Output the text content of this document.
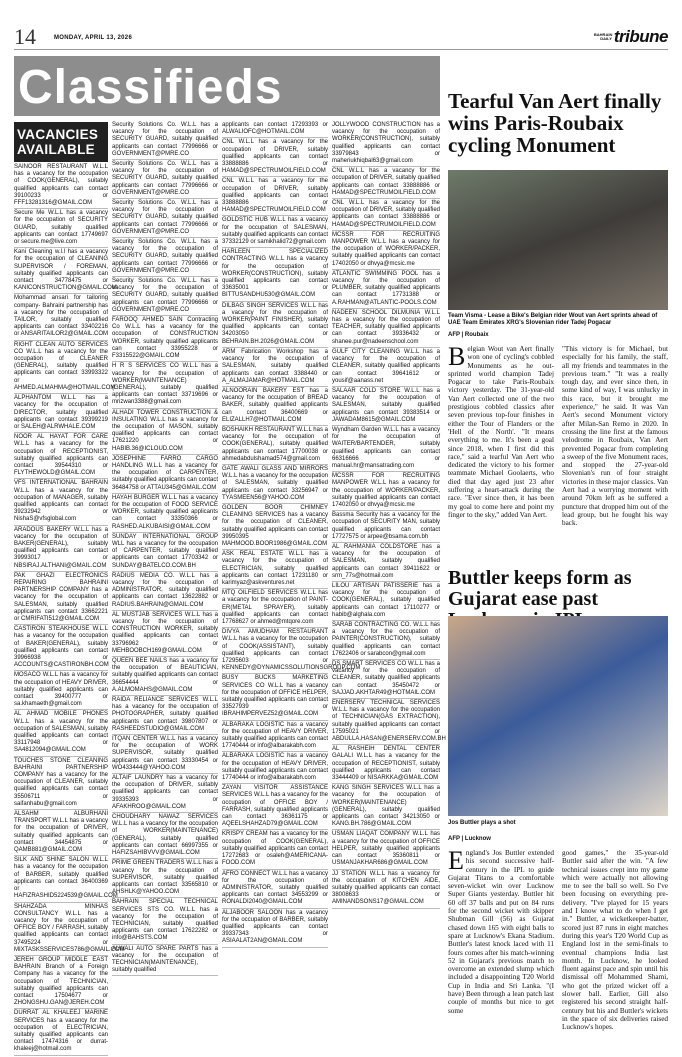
14	MONDAY, APRIL 13, 2026
BAHRAIN DAILY tribune
Classifieds
VACANCIES AVAILABLE

SAINOOR RESTAURANT W.L.L has a vacancy for the occupation of COOK(GENERAL), suitably qualified applicants can contact 39100233 or FFF13281316@GMAIL.COM

Secure Me W.L.L has a vacancy for the occupation of SECURITY GUARD, suitably qualified applicants can contact 17749697 or secure.me@live.com

Kani Cleaning w.l.l has a vacancy for the occupation of CLEANING SUPERVISOR / FOREMAN, suitably qualified applicants can contact 34778475 or KANICONSTRUCTION@GMAIL.COM

Mohammad ansari for tailoring company- Bahraini partnership has a vacancy for the occupation of TAILOR, suitably qualified applicants can contact 33402216 or ANSARITAILOR2@GMAIL.COM

RIGHT CLEAN AUTO SERVICES CO W.L.L has a vacancy for the occupation of CLEANER (GENERAL), suitably qualified applicants can contact 33993322 or AHMED.ALMAHMA@HOTMAIL.COM

ALPHANTOM W.L.L has a vacancy for the occupation of DIRECTOR, suitably qualified applicants can contact 39399219 or SALEH@ALRWHALE.COM

NOOR AL HAYAT FOR CARE W.L.L has a vacancy for the occupation of RECEPTIONIST, suitably qualified applicants can contact 39544310 or FLYTHEWOLD@GMAIL.COM

VFS INTERNATIONAL BAHRAIN W.L.L has a vacancy for the occupation of MANAGER, suitably qualified applicants can contact 39232942 or NishaS@vfsglobal.com

ARADOUS BAKERY W.L.L has a vacancy for the occupation of BAKER(GENERAL), suitably qualified applicants can contact 39993017 or NBSIRAJ.ALTHANI@GMAIL.COM

PAK GHAZI ELECTRONICS REPAIRING BAHRAINI PARTNERSHIP COMPANY has a vacancy for the occupation of SALESMAN, suitably qualified applicants can contact 33662221 or CMRIFATI512@GMAIL.COM

CASTIRON STEAKHOUSE W.L.L has a vacancy for the occupation of BAKER(GENERAL), suitably qualified applicants can contact 39966938 or ACCOUNTS@CASTIRONBH.COM

MOSACO W.L.L has a vacancy for the occupation of HEAVY DRIVER, suitably qualified applicants can contact 39400777 or sa.khamaeth@gmail.com

AL AHMAD MOBILE PHONES W.L.L has a vacancy for the occupation of SALESMAN, suitably qualified applicants can contact 33117948 or SA4812094@GMAIL.COM

TOUCHES STONE CLEANING BAHRAINI PARTNERSHIP COMPANY has a vacancy for the occupation of CLEANER, suitably qualified applicants can contact 35506711 or saifanhabu@gmail.com

ALSAHM ALBURHANI TRANSPORT W.L.L has a vacancy for the occupation of DRIVER, suitably qualified applicants can contact 34454875 or QAMB881@GMAIL.COM

SILK AND SHINE SALON W.L.L has a vacancy for the occupation of BARBER, suitably qualified applicants can contact 36400369 or HAFIZRASHID5224539@GMAIL.COM

SHAHZADA MINHAS CONSULTANCY W.L.L has a vacancy for the occupation of OFFICE BOY / FARRASH, suitably qualified applicants can contact 37495224 or MIXTASKSSERVICES786@GMAIL.COM

JEREH GROUP MIDDLE EAST BAHRAIN Branch of a Foreign Company has a vacancy for the occupation of TECHNICIAN, suitably qualified applicants can contact 17504677 or ZHONGSHU.GAN@JEREH.COM

DURRAT AL KHALEEJ MARINE SERVICES has a vacancy for the occupation of ELECTRICIAN, suitably qualified applicants can contact 17474316 or durrat-khaleej@hotmail.com

Security Solutions Co. W.L.L has a vacancy for the occupation of SECURITY GUARD, suitably qualified applicants can contact 77996666 or GOVERNMENT@PMRE.CO

Security Solutions Co. W.L.L has a vacancy for the occupation of SECURITY GUARD, suitably qualified applicants can contact 77996666 or GOVERNMENT@PMRE.CO

Security Solutions Co. W.L.L has a vacancy for the occupation of SECURITY GUARD, suitably qualified applicants can contact 77996666 or GOVERNMENT@PMRE.CO

Security Solutions Co. W.L.L has a vacancy for the occupation of SECURITY GUARD, suitably qualified applicants can contact 77996666 or GOVERNMENT@PMRE.CO

Security Solutions Co. W.L.L has a vacancy for the occupation of SECURITY GUARD, suitably qualified applicants can contact 77996666 or GOVERNMENT@PMRE.CO

FAROOQ AHMED SAIN Contracting Co W.L.L has a vacancy for the occupation of CONSTRUCTION WORKER, suitably qualified applicants can contact 33955228 or F3315522@GMAIL.COM

H R S SERVICES CO W.L.L has a vacancy for the occupation of WORKER(MAINTENANCE)(GENERAL), suitably qualified applicants can contact 33719696 or mrizwan3388@gmail.com

ALHADI TOWER CONSTRUCTION & INSULATING W.L.L has a vacancy for the occupation of MASON, suitably qualified applicants can contact 17621220 or HABIB.36@ICLOUD.COM

JOSEPHINE FARRO CARGO HANDLING W.L.L has a vacancy for the occupation of CARPENTER, suitably qualified applicants can contact 36484758 or ATTAU345@GMAIL.COM

HAYAH BURGER W.L.L has a vacancy for the occupation of FOOD SERVICE WORKER, suitably qualified applicants can contact 33350366 or RASHED.ALKUBAISI@GMAIL.COM

SUNDAY INTERNATIONAL GROUP WLL has a vacancy for the occupation of CARPENTER, suitably qualified applicants can contact 17703342 or SUNDAY@BATELCO.COM.BH

RADIUS MEDIA CO. W.L.L has a vacancy for the occupation of ADMINISTRATOR, suitably qualified applicants can contact 13622882 or RADIUS.BAHRAIN@GMAIL.COM

AL MUSTJAB SERVICES W.L.L has a vacancy for the occupation of CONSTRUCTION WORKER, suitably qualified applicants can contact 33796962 or MEHBOOBCH169@GMAIL.COM

QUEEN BEE NAILS has a vacancy for the occupation of BEAUTICIAN, suitably qualified applicants can contact 36654444 or A.ALMOMAHS@GMAIL.COM

RAIDA RELIANCE SERVICES W.L.L has a vacancy for the occupation of PHOTOGRAPHER, suitably qualified applicants can contact 39807807 or RASHEEDSTUDIO@GMAIL.COM

ITQAN CENTER W.L.L has a vacancy for the occupation of WORK SUPERVISOR, suitably qualified applicants can contact 33330454 or WO433444@YAHOO.COM

ALTAIF LAUNDRY has a vacancy for the occupation of DRIVER, suitably qualified applicants can contact 39335393 or AFAKHROO@GMAIL.COM

CHOUDHARY NAWAZ SERVICES W.L.L has a vacancy for the occupation of WORKER(MAINTENANCE)(GENERAL), suitably qualified applicants can contact 66997355 or HAFIZSAHIBVVV@GMAIL.COM

PRIME GREEN TRADERS W.L.L has a vacancy for the occupation of SUPERVISOR, suitably qualified applicants can contact 33565810 or AHSHLK@YAHOO.COM

BAHRAIN SPECIAL TECHNICAL SERVICES STS CO. W.L.L has a vacancy for the occupation of TECHNICIAN, suitably qualified applicants can contact 17622282 or info@BAHSTS.COM

ALWALI AUTO SPARE PARTS has a vacancy for the occupation of TECHNICIAN(MAINTENANCE), suitably qualified

applicants can contact 17293393 or ALWALIOFC@HOTMAIL.COM

CNL W.L.L has a vacancy for the occupation of DRIVER, suitably qualified applicants can contact 33888886 or HAMAD@SPECTRUMOILFIELD.COM

CNL W.L.L has a vacancy for the occupation of DRIVER, suitably qualified applicants can contact 33888886 or HAMAD@SPECTRUMOILFIELD.COM

GOLDSTIC HUB W.L.L has a vacancy for the occupation of SALESMAN, suitably qualified applicants can contact 37332129 or samikhalid72@gmail.com

HARLEEN SPECIALIZED CONTRACTING W.L.L has a vacancy for the occupation of WORKER(CONSTRUCTION), suitably qualified applicants can contact 33635001 or BITTUSANDHU530@GMAIL.COM

DILBAG SINGH SERVICES W.L.L has a vacancy for the occupation of WORKER(PAINT FINISHER), suitably qualified applicants can contact 34203050 or BEHRAIN.BH.2026@GMAIL.COM

ARM Fabrication Workshop has a vacancy for the occupation of SALESMAN, suitably qualified applicants can contact 3388440 or A_ALMAJAMAR@HOTMAIL.COM

ALNOORAIN BAKERY EST has a vacancy for the occupation of BREAD BAKER, suitably qualified applicants can contact 36400669 or ELIZALLH7@HOTMAIL.COM

BOSHAIKH RESTAURANT W.L.L has a vacancy for the occupation of COOK(GENERAL), suitably qualified applicants can contact 17700038 or ahmedabdulshamad574@gmail.com

GATE AWALI GLASS AND MIRRORS W.L.L has a vacancy for the occupation of SALESMAN, suitably qualified applicants can contact 33256947 or TYASMEEN56@YAHOO.COM

GOLDEN BOOR CHIMNEY CLEANING SERVICES has a vacancy for the occupation of CLEANER, suitably qualified applicants can contact 39950395 or MAHMOOD.BOOR1986@GMAIL.COM

ASK REAL ESTATE W.L.L has a vacancy for the occupation of ELECTRICIAN, suitably qualified applicants can contact 17231180 or karimyaz@askventures.net

MTQ OILFIELD SERVICES W.L.L has a vacancy for the occupation of PAINT-ER(METAL SPRAYER), suitably qualified applicants can contact 17768627 or ahmed@mtqore.com

DIVYA AMUDHAM RESTAURANT W.L.L has a vacancy for the occupation of COOK(ASSISTANT), suitably qualified applicants can contact 17295603 or KENNEDY@DYNAMICSSOLUTIONSGROUP.COM

BUSY BUCKS MARKETING SERVICES CO W.L.L has a vacancy for the occupation of OFFICE HELPER, suitably qualified applicants can contact 33527939 or IBRAHIMPERVEZ52@GMAIL.COM

ALBARAKA LOGISTIC has a vacancy for the occupation of HEAVY DRIVER, suitably qualified applicants can contact 17740444 or info@albarakabh.com

ALBARAKA LOGISTIC has a vacancy for the occupation of HEAVY DRIVER, suitably qualified applicants can contact 17740444 or info@albarakabh.com

ZAYAN VISITOR ASSISTANCE SERVICES W.L.L has a vacancy for the occupation of OFFICE BOY / FARRASH, suitably qualified applicants can contact 36361175 or AQEELSHAHZAD79@GMAIL.COM

KRISPY CREAM has a vacancy for the occupation of COOK(GENERAL), suitably qualified applicants can contact 17272683 or osaleh@AMERICANA-FOOD.COM

AFRO CONNECT W.L.L has a vacancy for the occupation of ADMINISTRATOR, suitably qualified applicants can contact 34553299 or RONALDI2040@GMAIL.COM

ALJABOOR SALOON has a vacancy for the occupation of BARBER, suitably qualified applicants can contact 39337343 or ASIAALAT2AN@GMAIL.COM

JOLLYWOOD CONSTRUCTION has a vacancy for the occupation of WORKER(CONSTRUCTION), suitably qualified applicants can contact 33979843 or maheriukhiqbal63@gmail.com

CNL W.L.L has a vacancy for the occupation of DRIVER, suitably qualified applicants can contact 33888886 or HAMAD@SPECTRUMOILFIELD.COM

CNL W.L.L has a vacancy for the occupation of DRIVER, suitably qualified applicants can contact 33888886 or HAMAD@SPECTRUMOILFIELD.COM

MCSSR FOR RECRUITING MANPOWER W.L.L has a vacancy for the occupation of WORKER/PACKER, suitably qualified applicants can contact 17402050 or dhvya@mcsic.me

ATLANTIC SWIMMING POOL has a vacancy for the occupation of PLUMBER, suitably qualified applicants can contact 17731388 or A.RAHMAN@ATLANTIC-POOLS.COM

NADEEN SCHOOL DILMUNIA W.L.L has a vacancy for the occupation of TEACHER, suitably qualified applicants can contact 39336432 or shanee.pur@nadeenschool.com

GULF CITY CLEANING W.L.L has a vacancy for the occupation of CLEANER, suitably qualified applicants can contact 39641612 or yousif@aanass.net

SALAAR COLD STORE W.L.L has a vacancy for the occupation of SALESMAN, suitably qualified applicants can contact 39383514 or JAWADAM8615@GMAIL.COM

Wyndham Garden W.L.L has a vacancy for the occupation of WAITER/BARTENDER, suitably qualified applicants can contact 66316666 or manual.hr@mansatrading.com

MCSSR FOR RECRUITING MANPOWER W.L.L has a vacancy for the occupation of WORKER/PACKER, suitably qualified applicants can contact 17402050 or dhvya@mcsic.me

Bassma Security has a vacancy for the occupation of SECURITY MAN, suitably qualified applicants can contact 17727575 or arpee@bsama.com.bh

AL RAHMANIA COLDSTORE has a vacancy for the occupation of SALESMAN, suitably qualified applicants can contact 39411622 or srm_77s@hotmail.com

LILOU ARTISAN PATISSERIE has a vacancy for the occupation of COOK(GENERAL), suitably qualified applicants can contact 17110277 or habib@alghala.com

SARAB CONTRACTING CO. W.L.L has a vacancy for the occupation of PAINTER(CONSTRUCTION), suitably qualified applicants can contact 17622406 or sarabcon@gmail.com

DS SMART SERVICES CO W.L.L has a vacancy for the occupation of CLEANER, suitably qualified applicants can contact 35450472 or SAJJAD.AKHTAR49@HOTMAIL.COM

ENERSERV TECHNICAL SERVICES W.L.L has a vacancy for the occupation of TECHNICIAN(GAS EXTRACTION), suitably qualified applicants can contact 17595021 or ABDULLA.HASAN@ENERSERV.COM.BH

AL RASHEIH DENTAL CENTER GALALI W.L.L has a vacancy for the occupation of RECEPTIONIST, suitably qualified applicants can contact 33444409 or NISARKKA@GMAIL.COM

KANG SINGH SERVICES W.L.L has a vacancy for the occupation of WORKER(MAINTENANCE)(GENERAL), suitably qualified applicants can contact 34213050 or KANG.BH.786@GMAIL.COM

USMAN LIAQAT COMPANY W.L.L has a vacancy for the occupation of OFFICE HELPER, suitably qualified applicants can contact 35360811 or USMANJAKHAR686@GMAIL.COM

JJ STATION W.L.L has a vacancy for the occupation of KITCHEN AIDE, suitably qualified applicants can contact 38008633 or AMINANDSONS17@GMAIL.COM

Tearful Van Aert finally wins Paris-Roubaix cycling Monument
Team Visma - Lease a Bike's Belgian rider Wout van Aert sprints ahead of UAE Team Emirates XRG's Slovenian rider Tadej Pogacar
AFP | Roubaix
Belgian Wout van Aert finally won one of cycling's cobbled Monuments as he out-sprinted world champion Tadej Pogacar to take Paris-Roubaix victory yesterday. The 31-year-old Van Aert collected one of the two prestigious cobbled classics after seven previous top-four finishes in either the Tour of Flanders or the 'Hell of the North'. "It means everything to me. It's been a goal since 2018, when I first did this race," said a tearful Van Aert who dedicated the victory to his former teammate Michael Goolaerts, who died that day aged just 23 after suffering a heart-attack during the race. "Ever since then, it has been my goal to come here and point my finger to the sky," added Van Aert.
"This victory is for Michael, but especially for his family, the staff, all my friends and teammates in the previous team." "It was a really tough day, and ever since then, in some kind of way, I was unlucky in this race, but it brought me experience," he said. It was Van Aert's second Monument victory after Milan-San Remo in 2020. In crossing the line first at the famous velodrome in Roubaix, Van Aert prevented Pogacar from completing a sweep of the five Monument races, and stopped the 27-year-old Slovenian's run of four straight victories in these major classics. Van Aert had a worrying moment with around 70km left as he suffered a puncture that dropped him out of the lead group, but he fought his way back.
Buttler keeps form as Gujarat ease past
Jos Buttler plays a shot
AFP | Lucknow
England's Jos Buttler extended his second successive half-century in the IPL to guide Gujarat Titans to a comfortable seven-wicket win over Lucknow Super Giants yesterday. Buttler hit 60 off 37 balls and put on 84 runs for the second wicket with skipper Shubman Gill (56) as Gujarat chased down 165 with eight balls to spare at Lucknow's Ekana Stadium. Buttler's latest knock laced with 11 fours comes after his match-winning 52 in Gujarat's previous match to overcome an extended slump which included a disappointing T20 World Cup in India and Sri Lanka. "(I have) Been through a lean patch last couple of months but nice to get some
good games," the 35-year-old Buttler said after the win. "A few technical issues crept into my game which were actually not allowing me to see the ball so well. So I've been focusing on everything pre-delivery. "I've played for 15 years and I know what to do when I get in." Buttler, a wicketkeeper-batter, scored just 87 runs in eight matches during this year's T20 World Cup as England lost in the semi-finals to eventual champions India last month. In Lucknow, he looked fluent against pace and spin until his dismissal off Mohammed Shami, who got the prized wicket off a slower ball. Earlier, Gill also registered his second straight half-century but his and Buttler's wickets in the space of six deliveries raised Lucknow's hopes.
